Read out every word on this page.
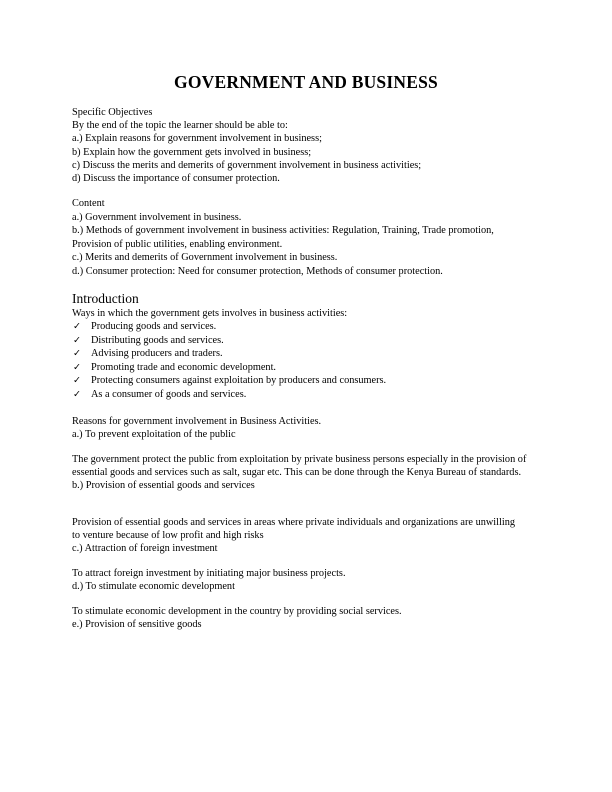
GOVERNMENT AND BUSINESS

Specific Objectives

By the end of the topic the learner should be able to:

a.) Explain reasons for government involvement in business;

b) Explain how the government gets involved in business;

c) Discuss the merits and demerits of government involvement in business activities;

d) Discuss the importance of consumer protection.

Content

a.) Government involvement in business.

b.) Methods of government involvement in business activities: Regulation, Training, Trade promotion, Provision of public utilities, enabling environment.

c.) Merits and demerits of Government involvement in business.

d.) Consumer protection: Need for consumer protection, Methods of consumer protection.

Introduction

Ways in which the government gets involves in business activities:

✓ Producing goods and services.
✓ Distributing goods and services.
✓ Advising producers and traders.
✓ Promoting trade and economic development.
✓ Protecting consumers against exploitation by producers and consumers.
✓ As a consumer of goods and services.

Reasons for government involvement in Business Activities.

a.) To prevent exploitation of the public

The government protect the public from exploitation by private business persons especially in the provision of essential goods and services such as salt, sugar etc. This can be done through the Kenya Bureau of standards.

b.) Provision of essential goods and services

Provision of essential goods and services in areas where private individuals and organizations are unwilling to venture because of low profit and high risks

c.) Attraction of foreign investment

To attract foreign investment by initiating major business projects.

d.) To stimulate economic development

To stimulate economic development in the country by providing social services.

e.) Provision of sensitive goods
